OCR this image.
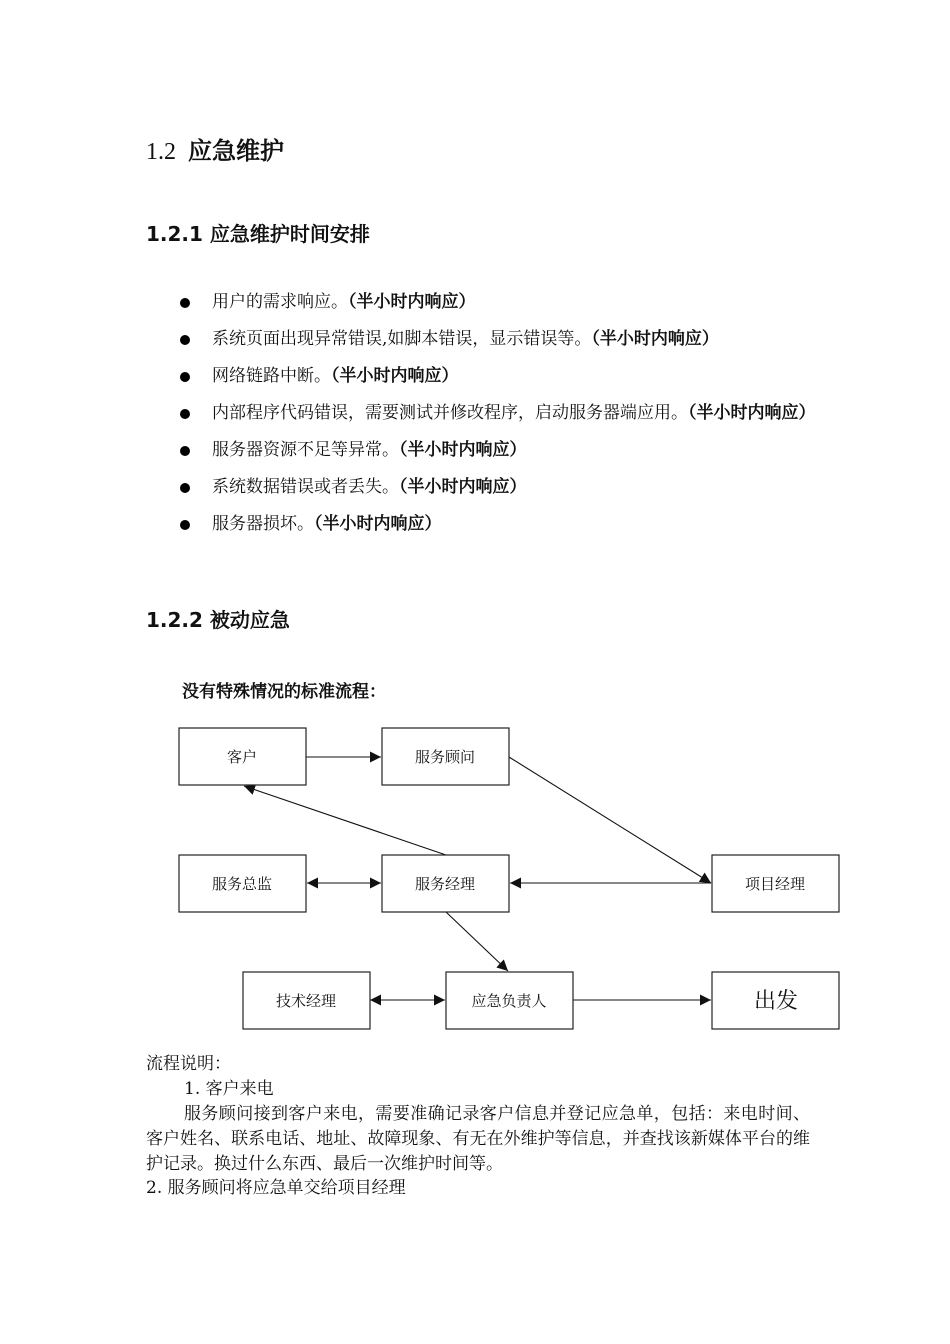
1.2 应急维护
1.2.1 应急维护时间安排
用户的需求响应。（半小时内响应）
系统页面出现异常错误,如脚本错误，显示错误等。（半小时内响应）
网络链路中断。（半小时内响应）
内部程序代码错误，需要测试并修改程序，启动服务器端应用。（半小时内响应）
服务器资源不足等异常。（半小时内响应）
系统数据错误或者丢失。（半小时内响应）
服务器损坏。（半小时内响应）
1.2.2 被动应急
没有特殊情况的标准流程：
客户	服务顾问
服务总监	服务经理	项目经理
技术经理	应急负责人	出发
流程说明：
1. 客户来电
服务顾问接到客户来电，需要准确记录客户信息并登记应急单，包括：来电时间、客户姓名、联系电话、地址、故障现象、有无在外维护等信息，并查找该新媒体平台的维护记录。换过什么东西、最后一次维护时间等。
2. 服务顾问将应急单交给项目经理
